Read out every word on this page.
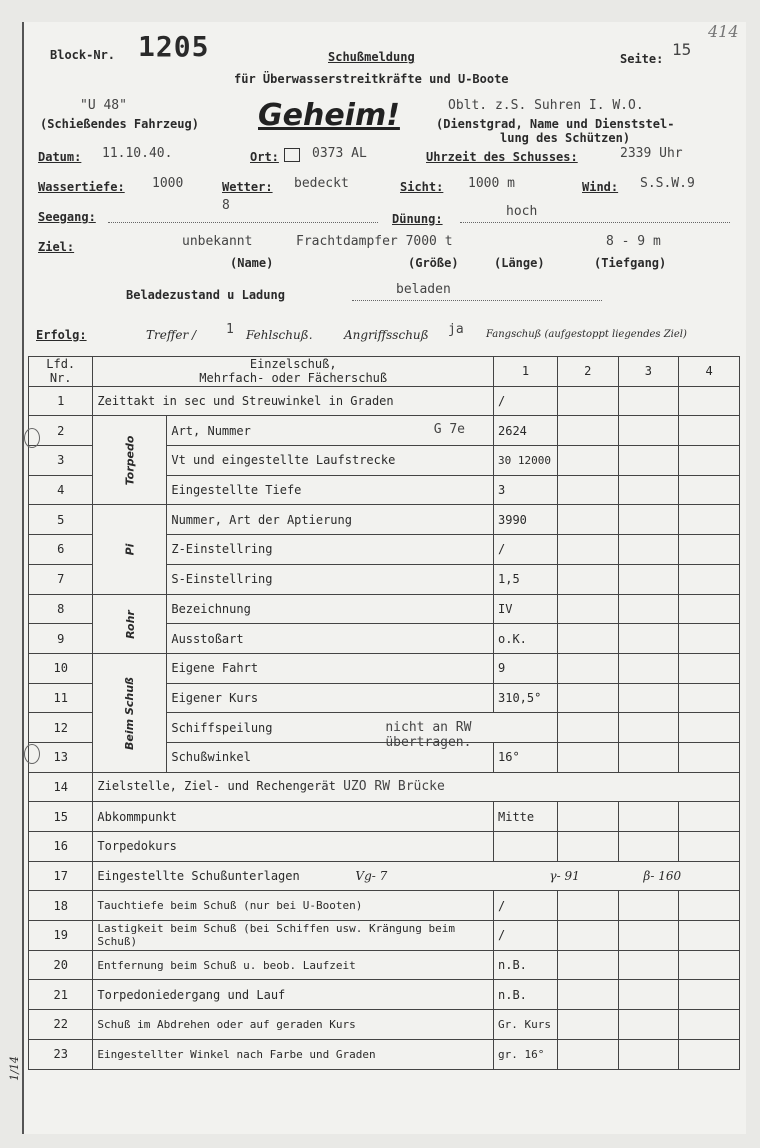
Block-Nr. 1205	Schußmeldung
für Überwasserstreitkräfte und U-Boote
Seite: 15
414
"U 48"
(Schießendes Fahrzeug) Geheim!	Oblt. z.S. Suhren I. W.O.
(Dienstgrad, Name und Dienststel-
lung des Schützen)
Datum: 11.10.40.	Ort:	0373 AL	Uhrzeit des Schusses:	2339 Uhr
Wassertiefe: 1000	Wetter: bedeckt	Sicht: 1000 m	Wind: S.S.W.9
Seegang:
8
Dünung:	hoch
Ziel:	unbekannt	Frachtdampfer 7000 t	8 - 9 m
(Name)	(Größe)	(Länge)	(Tiefgang)
Beladezustand u Ladung	beladen
Erfolg:	Treffer / 1 Fehlschuß.	Angriffsschuß ja Fangschuß (aufgestoppt liegendes Ziel)
Lfd. Nr.	Einzelschuß,
Mehrfach- oder Fächerschuß		1	2	3	4
1	Zeittakt in sec und Streuwinkel in Graden		/			
2	Torpedo	Art, Nummer G 7e	2624			
3		Vt und eingestellte Laufstrecke	30 12000			
4		Eingestellte Tiefe	3			
5	Pi	Nummer, Art der Aptierung	3990			
6		Z-Einstellring	/			
7		S-Einstellring	1,5			
8	Rohr	Bezeichnung	IV			
9		Ausstoßart	o.K.			
10	Beim Schuß	Eigene Fahrt	9			
11		Eigener Kurs	310,5°			
12		Schiffspeilung nicht an RW übertragen.				

13		Schußwinkel	16°			
14	Zielstelle, Ziel- und Rechengerät UZO RW Brücke					
15	Abkommpunkt		Mitte			
16	Torpedokurs					
17	Eingestellte Schußunterlagen Vg- 7 γ- 91 β- 160					

18	Tauchtiefe beim Schuß (nur bei U-Booten)		/			
19	Lastigkeit beim Schuß (bei Schiffen usw. Krängung beim Schuß)		/			
20	Entfernung beim Schuß u. beob. Laufzeit		n.B.			
21	Torpedoniedergang und Lauf		n.B.			
22	Schuß im Abdrehen oder auf geraden Kurs		Gr. Kurs			
23	Eingestellter Winkel nach Farbe und Graden		gr. 16°			
1/14
